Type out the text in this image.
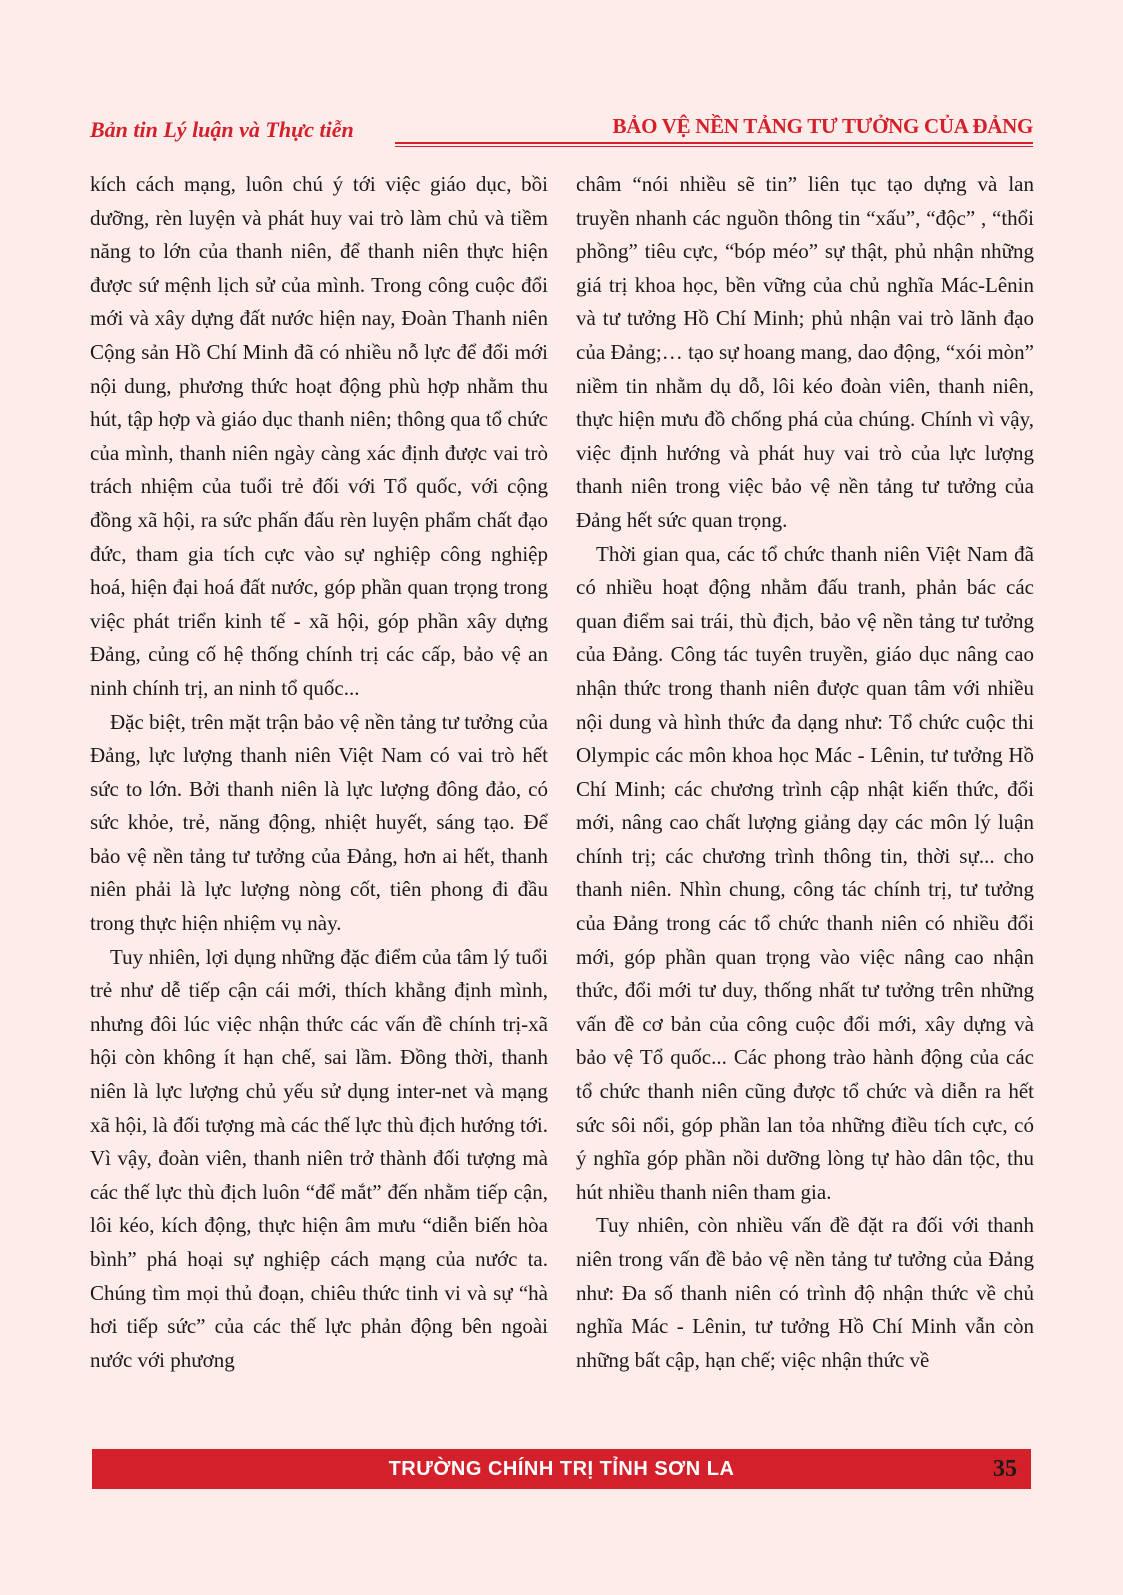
Bản tin Lý luận và Thực tiễn	BẢO VỆ NỀN TẢNG TƯ TƯỞNG CỦA ĐẢNG

kích cách mạng, luôn chú ý tới việc giáo dục, bồi dưỡng, rèn luyện và phát huy vai trò làm chủ và tiềm năng to lớn của thanh niên, để thanh niên thực hiện được sứ mệnh lịch sử của mình. Trong công cuộc đổi mới và xây dựng đất nước hiện nay, Đoàn Thanh niên Cộng sản Hồ Chí Minh đã có nhiều nỗ lực để đổi mới nội dung, phương thức hoạt động phù hợp nhằm thu hút, tập hợp và giáo dục thanh niên; thông qua tổ chức của mình, thanh niên ngày càng xác định được vai trò trách nhiệm của tuổi trẻ đối với Tổ quốc, với cộng đồng xã hội, ra sức phấn đấu rèn luyện phẩm chất đạo đức, tham gia tích cực vào sự nghiệp công nghiệp hoá, hiện đại hoá đất nước, góp phần quan trọng trong việc phát triển kinh tế - xã hội, góp phần xây dựng Đảng, củng cố hệ thống chính trị các cấp, bảo vệ an ninh chính trị, an ninh tổ quốc...

Đặc biệt, trên mặt trận bảo vệ nền tảng tư tưởng của Đảng, lực lượng thanh niên Việt Nam có vai trò hết sức to lớn. Bởi thanh niên là lực lượng đông đảo, có sức khỏe, trẻ, năng động, nhiệt huyết, sáng tạo. Để bảo vệ nền tảng tư tưởng của Đảng, hơn ai hết, thanh niên phải là lực lượng nòng cốt, tiên phong đi đầu trong thực hiện nhiệm vụ này.

Tuy nhiên, lợi dụng những đặc điểm của tâm lý tuổi trẻ như dễ tiếp cận cái mới, thích khẳng định mình, nhưng đôi lúc việc nhận thức các vấn đề chính trị-xã hội còn không ít hạn chế, sai lầm. Đồng thời, thanh niên là lực lượng chủ yếu sử dụng inter-net và mạng xã hội, là đối tượng mà các thế lực thù địch hướng tới. Vì vậy, đoàn viên, thanh niên trở thành đối tượng mà các thế lực thù địch luôn “để mắt” đến nhằm tiếp cận, lôi kéo, kích động, thực hiện âm mưu “diễn biến hòa bình” phá hoại sự nghiệp cách mạng của nước ta. Chúng tìm mọi thủ đoạn, chiêu thức tinh vi và sự “hà hơi tiếp sức” của các thế lực phản động bên ngoài nước với phương

châm “nói nhiều sẽ tin” liên tục tạo dựng và lan truyền nhanh các nguồn thông tin “xấu”, “độc” , “thổi phồng” tiêu cực, “bóp méo” sự thật, phủ nhận những giá trị khoa học, bền vững của chủ nghĩa Mác-Lênin và tư tưởng Hồ Chí Minh; phủ nhận vai trò lãnh đạo của Đảng;… tạo sự hoang mang, dao động, “xói mòn” niềm tin nhằm dụ dỗ, lôi kéo đoàn viên, thanh niên, thực hiện mưu đồ chống phá của chúng. Chính vì vậy, việc định hướng và phát huy vai trò của lực lượng thanh niên trong việc bảo vệ nền tảng tư tưởng của Đảng hết sức quan trọng.

Thời gian qua, các tổ chức thanh niên Việt Nam đã có nhiều hoạt động nhằm đấu tranh, phản bác các quan điểm sai trái, thù địch, bảo vệ nền tảng tư tưởng của Đảng. Công tác tuyên truyền, giáo dục nâng cao nhận thức trong thanh niên được quan tâm với nhiều nội dung và hình thức đa dạng như: Tổ chức cuộc thi Olympic các môn khoa học Mác - Lênin, tư tưởng Hồ Chí Minh; các chương trình cập nhật kiến thức, đổi mới, nâng cao chất lượng giảng dạy các môn lý luận chính trị; các chương trình thông tin, thời sự... cho thanh niên. Nhìn chung, công tác chính trị, tư tưởng của Đảng trong các tổ chức thanh niên có nhiều đổi mới, góp phần quan trọng vào việc nâng cao nhận thức, đổi mới tư duy, thống nhất tư tưởng trên những vấn đề cơ bản của công cuộc đổi mới, xây dựng và bảo vệ Tổ quốc... Các phong trào hành động của các tổ chức thanh niên cũng được tổ chức và diễn ra hết sức sôi nổi, góp phần lan tỏa những điều tích cực, có ý nghĩa góp phần nồi dưỡng lòng tự hào dân tộc, thu hút nhiều thanh niên tham gia.

Tuy nhiên, còn nhiều vấn đề đặt ra đối với thanh niên trong vấn đề bảo vệ nền tảng tư tưởng của Đảng như: Đa số thanh niên có trình độ nhận thức về chủ nghĩa Mác - Lênin, tư tưởng Hồ Chí Minh vẫn còn những bất cập, hạn chế; việc nhận thức về

TRƯỜNG CHÍNH TRỊ TỈNH SƠN LA	35
